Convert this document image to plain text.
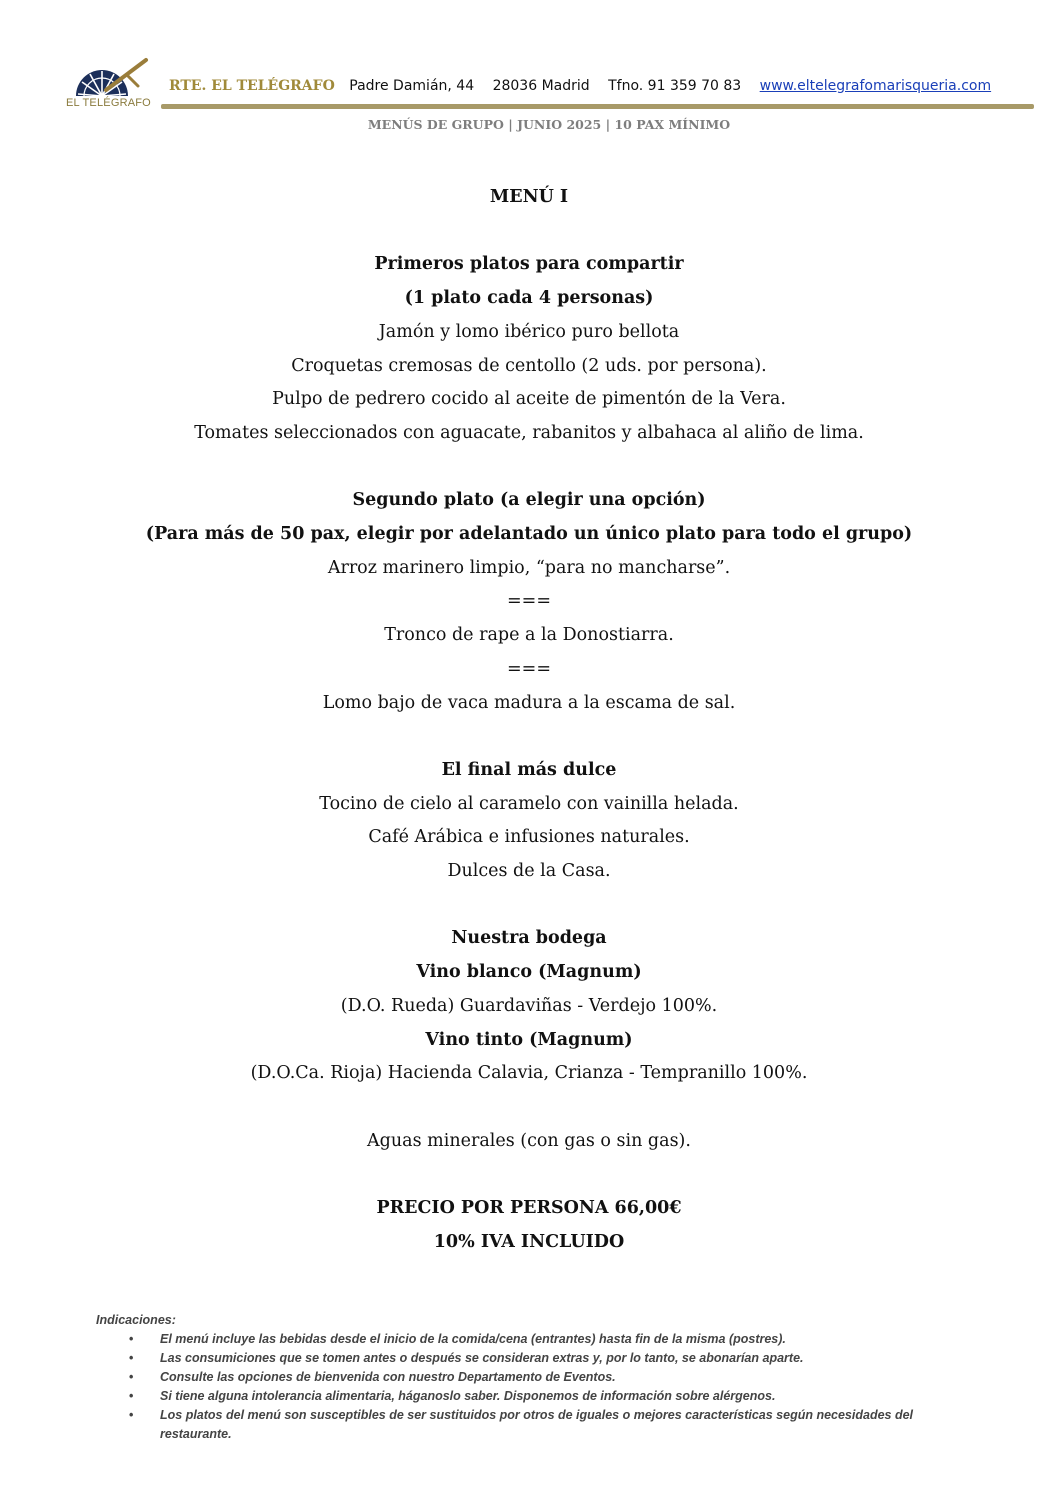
EL TELÉGRAFO
RTE. EL TELÉGRAFO Padre Damián, 44 28036 Madrid Tfno. 91 359 70 83 www.eltelegrafomarisqueria.com
MENÚS DE GRUPO | JUNIO 2025 | 10 PAX MÍNIMO
MENÚ I

Primeros platos para compartir
(1 plato cada 4 personas)
Jamón y lomo ibérico puro bellota
Croquetas cremosas de centollo (2 uds. por persona).
Pulpo de pedrero cocido al aceite de pimentón de la Vera.
Tomates seleccionados con aguacate, rabanitos y albahaca al aliño de lima.

Segundo plato (a elegir una opción)
(Para más de 50 pax, elegir por adelantado un único plato para todo el grupo)
Arroz marinero limpio, “para no mancharse”.
===
Tronco de rape a la Donostiarra.
===
Lomo bajo de vaca madura a la escama de sal.

El final más dulce
Tocino de cielo al caramelo con vainilla helada.
Café Arábica e infusiones naturales.
Dulces de la Casa.

Nuestra bodega
Vino blanco (Magnum)
(D.O. Rueda) Guardaviñas - Verdejo 100%.
Vino tinto (Magnum)
(D.O.Ca. Rioja) Hacienda Calavia, Crianza - Tempranillo 100%.

Aguas minerales (con gas o sin gas).

PRECIO POR PERSONA 66,00€
10% IVA INCLUIDO
Indicaciones:
• El menú incluye las bebidas desde el inicio de la comida/cena (entrantes) hasta fin de la misma (postres).
• Las consumiciones que se tomen antes o después se consideran extras y, por lo tanto, se abonarían aparte.
• Consulte las opciones de bienvenida con nuestro Departamento de Eventos.
• Si tiene alguna intolerancia alimentaria, háganoslo saber. Disponemos de información sobre alérgenos.
• Los platos del menú son susceptibles de ser sustituidos por otros de iguales o mejores características según necesidades del restaurante.
